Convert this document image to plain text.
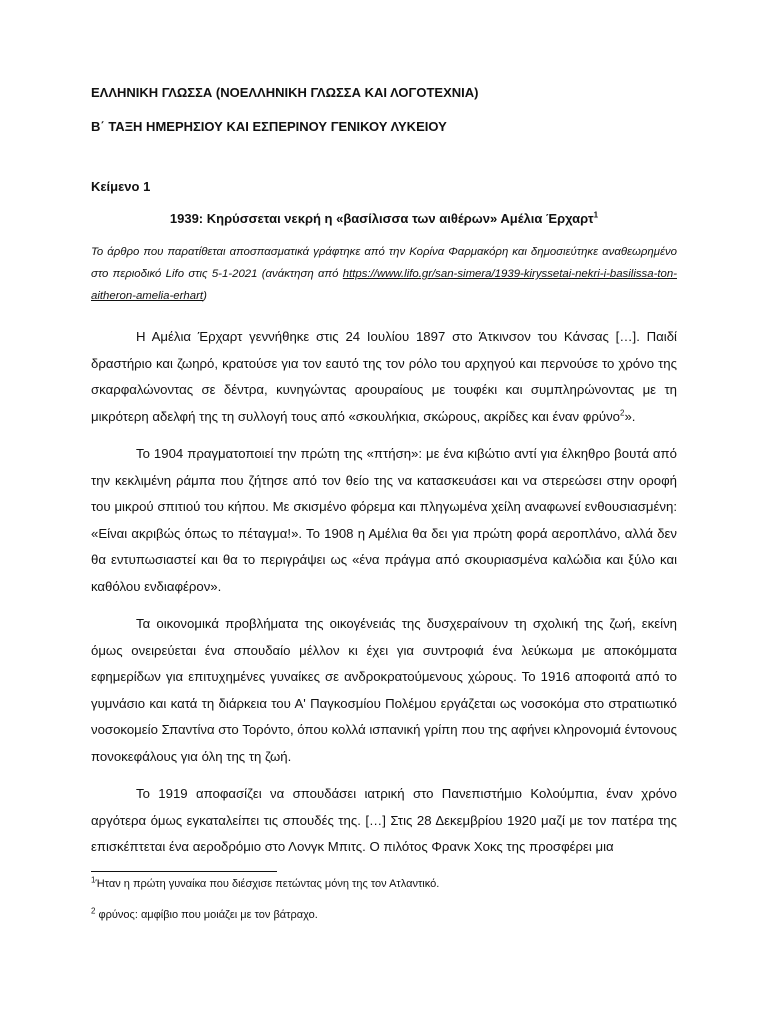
ΕΛΛΗΝΙΚΗ ΓΛΩΣΣΑ (ΝΟΕΛΛΗΝΙΚΗ ΓΛΩΣΣΑ ΚΑΙ ΛΟΓΟΤΕΧΝΙΑ)
Β΄ ΤΑΞΗ ΗΜΕΡΗΣΙΟΥ ΚΑΙ ΕΣΠΕΡΙΝΟΥ ΓΕΝΙΚΟΥ ΛΥΚΕΙΟΥ
Κείμενο 1
1939: Κηρύσσεται νεκρή η «βασίλισσα των αιθέρων» Αμέλια Έρχαρτ$^1$
Το άρθρο που παρατίθεται αποσπασματικά γράφτηκε από την Κορίνα Φαρμακόρη και δημοσιεύτηκε αναθεωρημένο στο περιοδικό Lifo στις 5-1-2021 (ανάκτηση από https://www.lifo.gr/san-simera/1939-kiryssetai-nekri-i-basilissa-ton-aitheron-amelia-erhart)

Η Αμέλια Έρχαρτ γεννήθηκε στις 24 Ιουλίου 1897 στο Άτκινσον του Κάνσας […]. Παιδί δραστήριο και ζωηρό, κρατούσε για τον εαυτό της τον ρόλο του αρχηγού και περνούσε το χρόνο της σκαρφαλώνοντας σε δέντρα, κυνηγώντας αρουραίους με τουφέκι και συμπληρώνοντας με τη μικρότερη αδελφή της τη συλλογή τους από «σκουλήκια, σκώρους, ακρίδες και έναν φρύνο$^2$».

Το 1904 πραγματοποιεί την πρώτη της «πτήση»: με ένα κιβώτιο αντί για έλκηθρο βουτά από την κεκλιμένη ράμπα που ζήτησε από τον θείο της να κατασκευάσει και να στερεώσει στην οροφή του μικρού σπιτιού του κήπου. Με σκισμένο φόρεμα και πληγωμένα χείλη αναφωνεί ενθουσιασμένη: «Είναι ακριβώς όπως το πέταγμα!». Το 1908 η Αμέλια θα δει για πρώτη φορά αεροπλάνο, αλλά δεν θα εντυπωσιαστεί και θα το περιγράψει ως «ένα πράγμα από σκουριασμένα καλώδια και ξύλο και καθόλου ενδιαφέρον».

Τα οικονομικά προβλήματα της οικογένειάς της δυσχεραίνουν τη σχολική της ζωή, εκείνη όμως ονειρεύεται ένα σπουδαίο μέλλον κι έχει για συντροφιά ένα λεύκωμα με αποκόμματα εφημερίδων για επιτυχημένες γυναίκες σε ανδροκρατούμενους χώρους. Το 1916 αποφοιτά από το γυμνάσιο και κατά τη διάρκεια του Α' Παγκοσμίου Πολέμου εργάζεται ως νοσοκόμα στο στρατιωτικό νοσοκομείο Σπαντίνα στο Τορόντο, όπου κολλά ισπανική γρίπη που της αφήνει κληρονομιά έντονους πονοκεφάλους για όλη της τη ζωή.

Το 1919 αποφασίζει να σπουδάσει ιατρική στο Πανεπιστήμιο Κολούμπια, έναν χρόνο αργότερα όμως εγκαταλείπει τις σπουδές της. […] Στις 28 Δεκεμβρίου 1920 μαζί με τον πατέρα της επισκέπτεται ένα αεροδρόμιο στο Λονγκ Μπιτς. Ο πιλότος Φρανκ Χοκς της προσφέρει μια

$^1$Ήταν η πρώτη γυναίκα που διέσχισε πετώντας μόνη της τον Ατλαντικό.
$^2$ φρύνος: αμφίβιο που μοιάζει με τον βάτραχο.
